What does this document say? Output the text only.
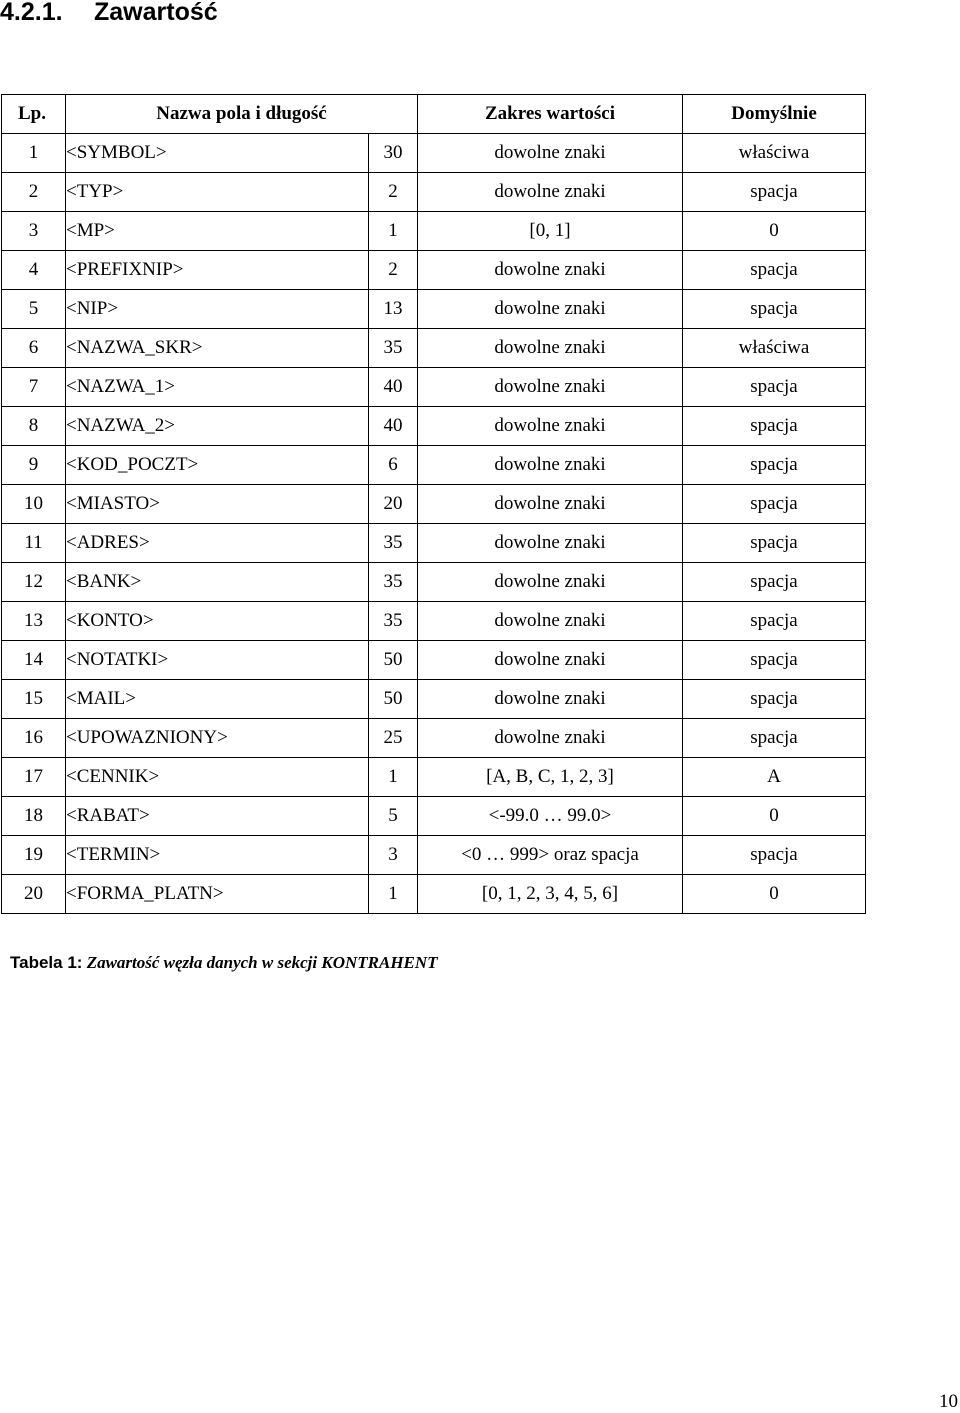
4.2.1. Zawartość
Lp.	Nazwa pola i długość		Zakres wartości	Domyślnie
1	<SYMBOL>	30	dowolne znaki	właściwa
2	<TYP>	2	dowolne znaki	spacja
3	<MP>	1	[0, 1]	0
4	<PREFIXNIP>	2	dowolne znaki	spacja
5	<NIP>	13	dowolne znaki	spacja
6	<NAZWA_SKR>	35	dowolne znaki	właściwa
7	<NAZWA_1>	40	dowolne znaki	spacja
8	<NAZWA_2>	40	dowolne znaki	spacja
9	<KOD_POCZT>	6	dowolne znaki	spacja
10	<MIASTO>	20	dowolne znaki	spacja
11	<ADRES>	35	dowolne znaki	spacja
12	<BANK>	35	dowolne znaki	spacja
13	<KONTO>	35	dowolne znaki	spacja
14	<NOTATKI>	50	dowolne znaki	spacja
15	<MAIL>	50	dowolne znaki	spacja
16	<UPOWAZNIONY>	25	dowolne znaki	spacja
17	<CENNIK>	1	[A, B, C, 1, 2, 3]	A
18	<RABAT>	5	<-99.0 … 99.0>	0
19	<TERMIN>	3	<0 … 999> oraz spacja	spacja
20	<FORMA_PLATN>	1	[0, 1, 2, 3, 4, 5, 6]	0
Tabela 1: Zawartość węzła danych w sekcji KONTRAHENT
10
